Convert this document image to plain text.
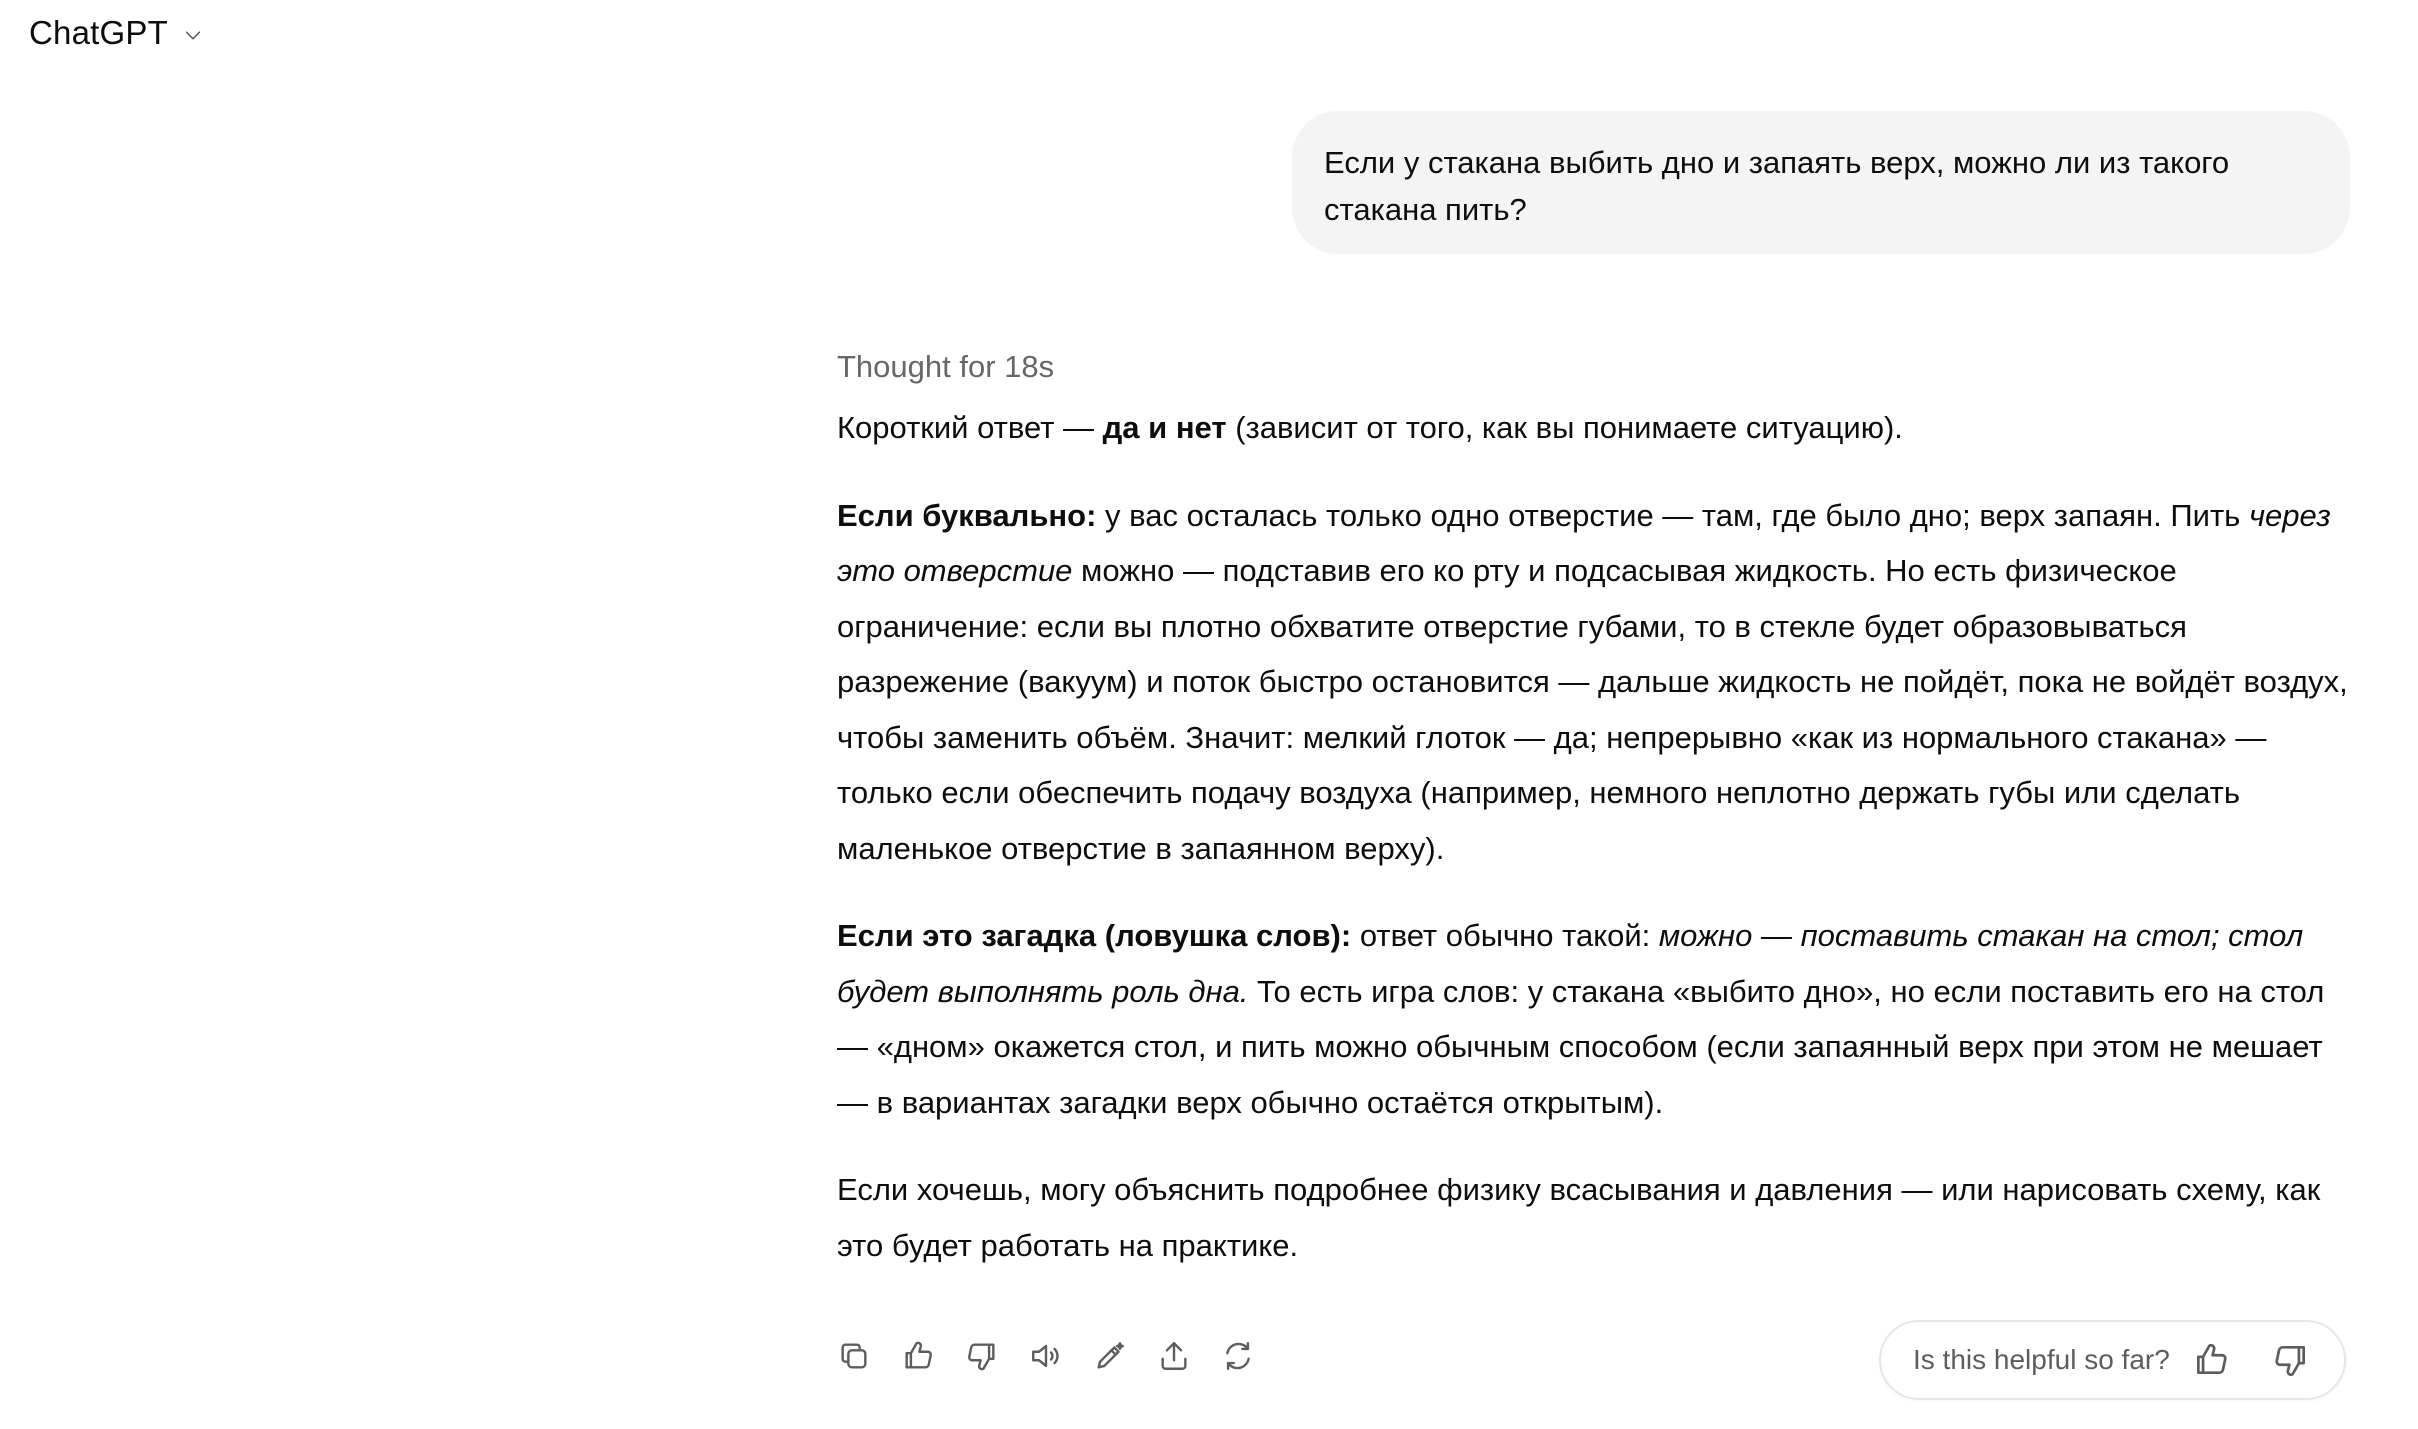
ChatGPT
Если у стакана выбить дно и запаять верх, можно ли из такого
стакана пить?
Thought for 18s

Короткий ответ — да и нет (зависит от того, как вы понимаете ситуацию).

Если буквально: у вас осталась только одно отверстие — там, где было дно; верх запаян. Пить через это отверстие можно — подставив его ко рту и подсасывая жидкость. Но есть физическое ограничение: если вы плотно обхватите отверстие губами, то в стекле будет образовываться разрежение (вакуум) и поток быстро остановится — дальше жидкость не пойдёт, пока не войдёт воздух, чтобы заменить объём. Значит: мелкий глоток — да; непрерывно «как из нормального стакана» — только если обеспечить подачу воздуха (например, немного неплотно держать губы или сделать маленькое отверстие в запаянном верху).

Если это загадка (ловушка слов): ответ обычно такой: можно — поставить стакан на стол; стол будет выполнять роль дна. То есть игра слов: у стакана «выбито дно», но если поставить его на стол — «дном» окажется стол, и пить можно обычным способом (если запаянный верх при этом не мешает — в вариантах загадки верх обычно остаётся открытым).

Если хочешь, могу объяснить подробнее физику всасывания и давления — или нарисовать схему, как это будет работать на практике.

Is this helpful so far?
